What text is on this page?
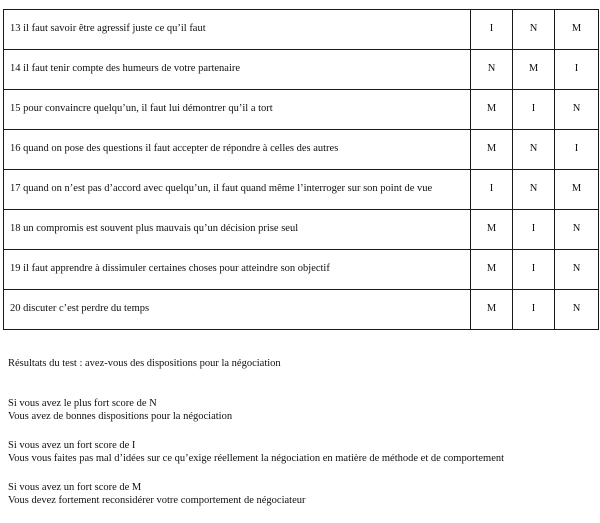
13 il faut savoir être agressif juste ce qu’il faut	I	N	M
14 il faut tenir compte des humeurs de votre partenaire	N	M	I
15 pour convaincre quelqu’un, il faut lui démontrer qu’il a tort	M	I	N
16 quand on pose des questions il faut accepter de répondre à celles des autres	M	N	I
17 quand on n’est pas d’accord avec quelqu’un, il faut quand même l’interroger sur son point de vue	I	N	M
18 un compromis est souvent plus mauvais qu’un décision prise seul	M	I	N
19 il faut apprendre à dissimuler certaines choses pour atteindre son objectif	M	I	N
20 discuter c’est perdre du temps	M	I	N

Résultats du test : avez-vous des dispositions pour la négociation

Si vous avez le plus fort score de N

Vous avez de bonnes dispositions pour la négociation

Si vous avez un fort score de I

Vous vous faites pas mal d’idées sur ce qu’exige réellement la négociation en matière de méthode et de comportement

Si vous avez un fort score de M

Vous devez fortement reconsidérer votre comportement de négociateur
